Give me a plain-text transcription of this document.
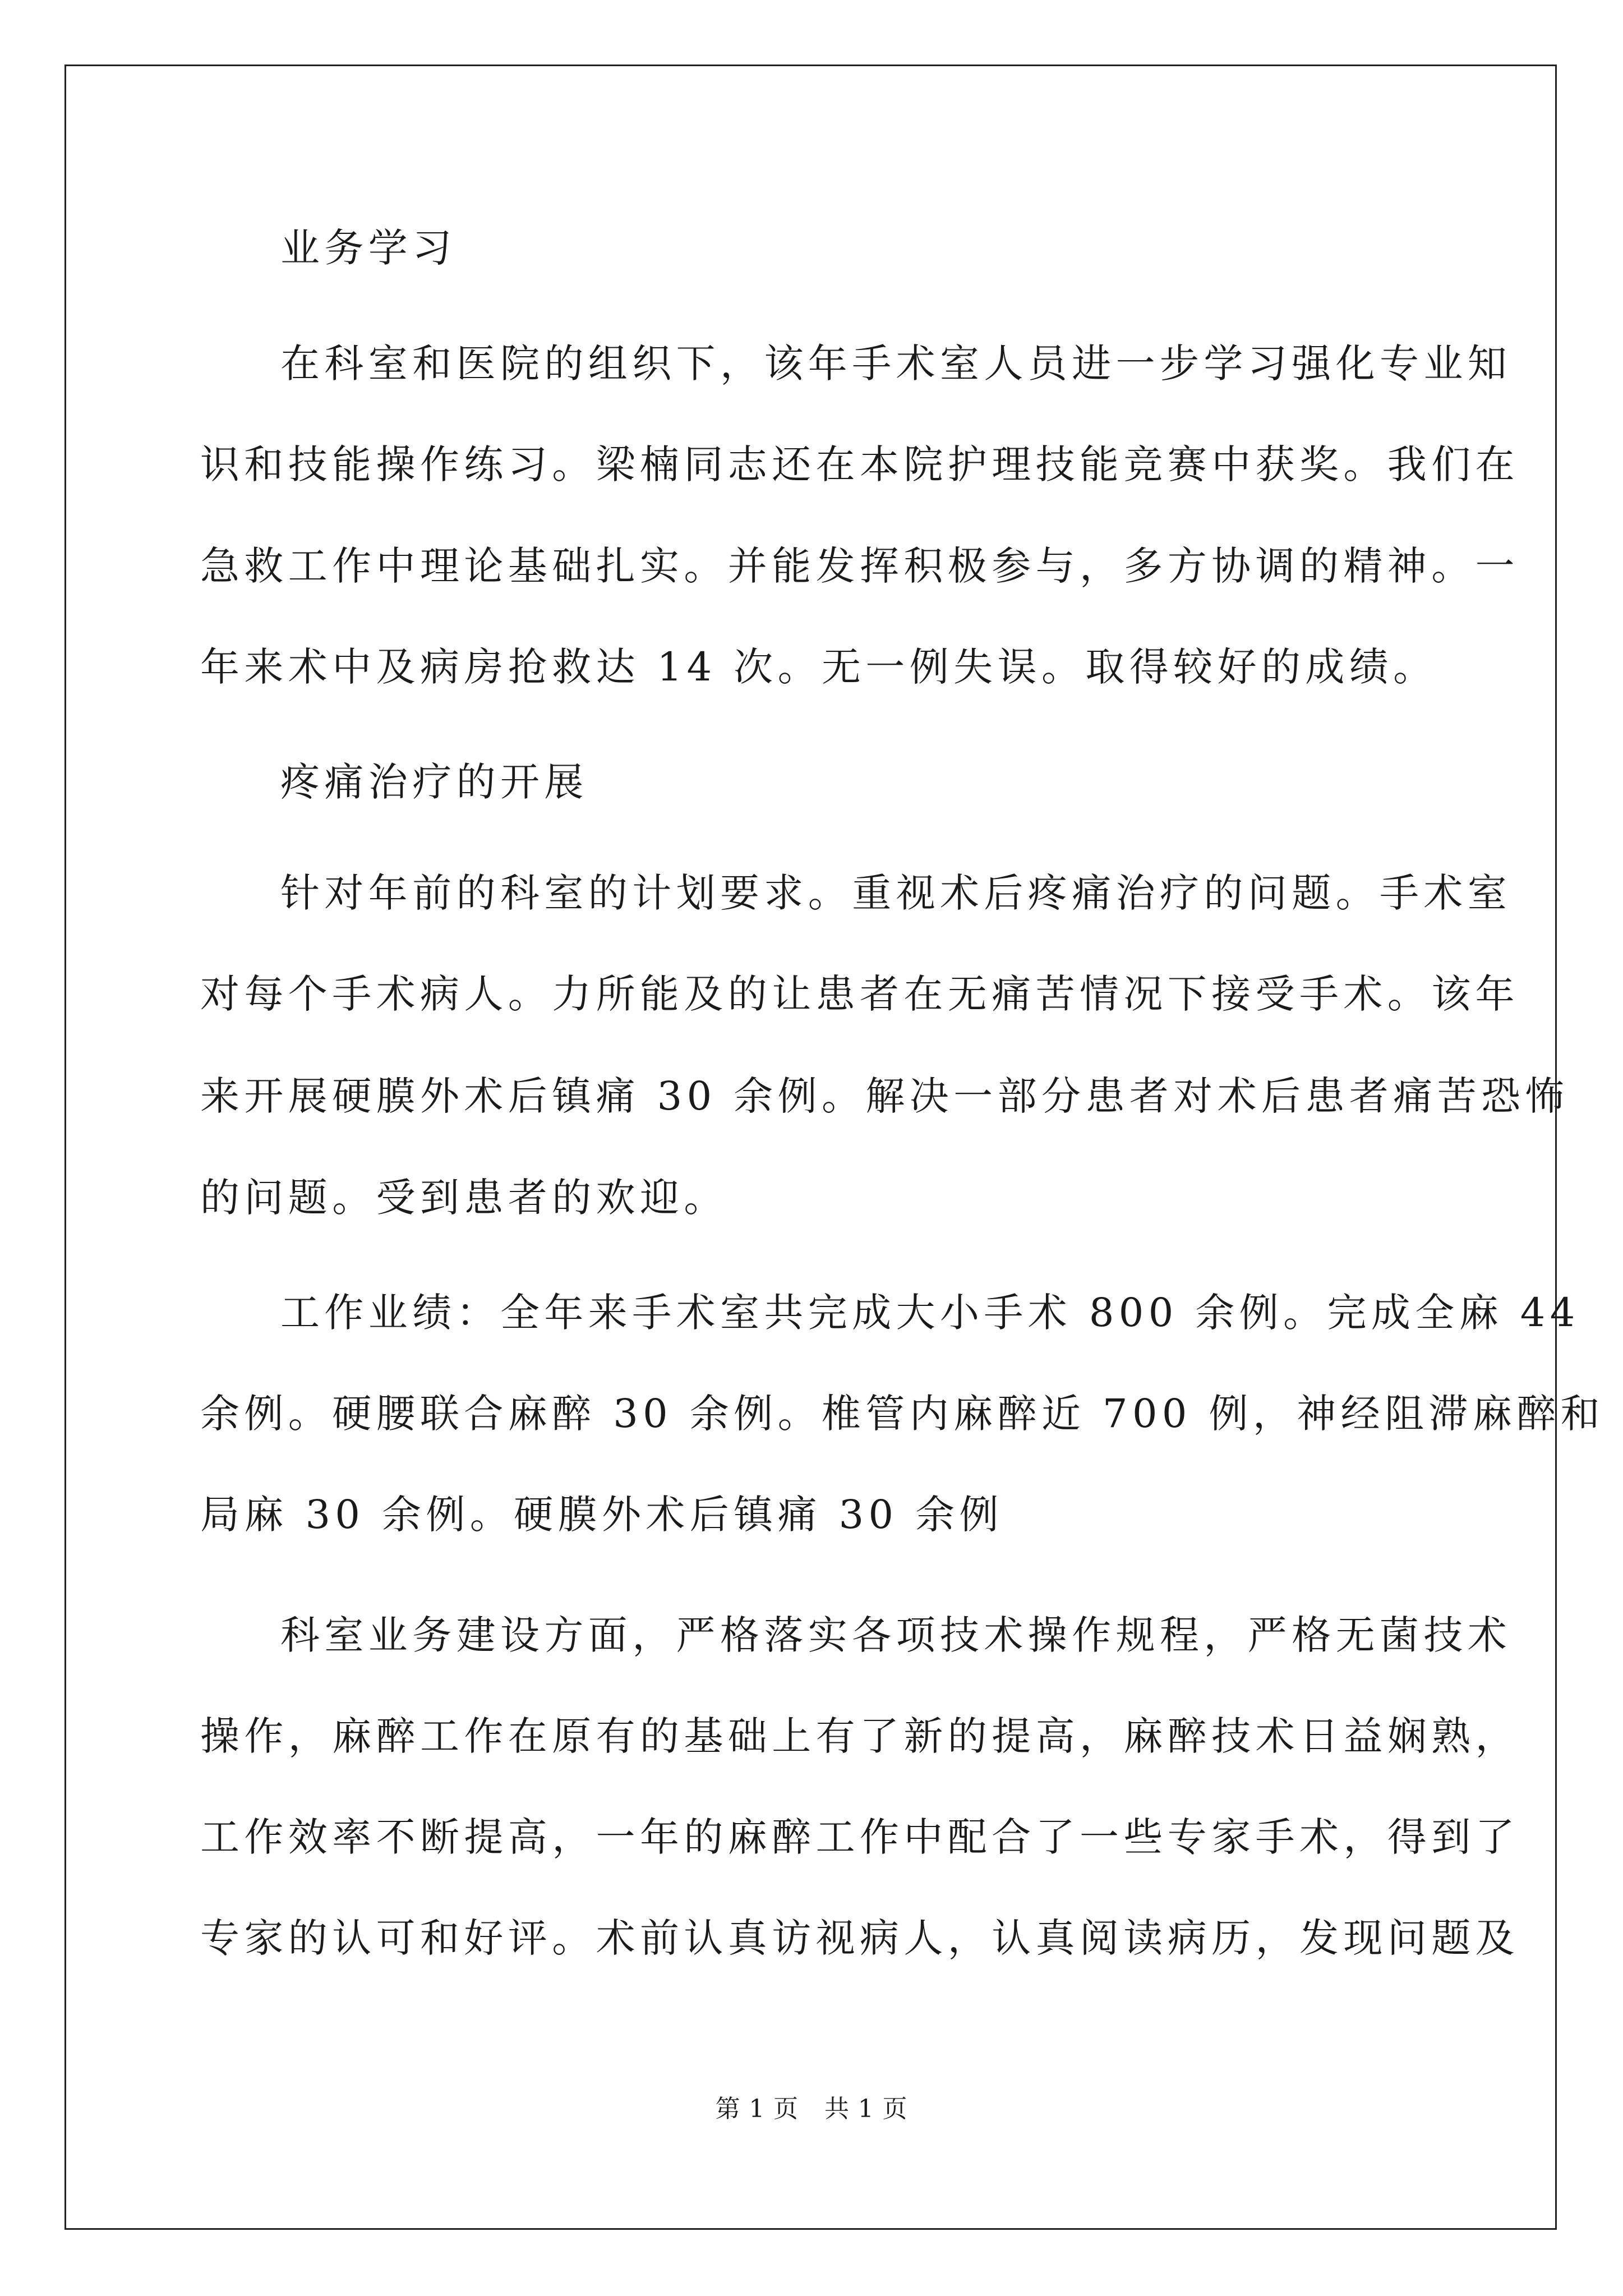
业务学习
在科室和医院的组织下，该年手术室人员进一步学习强化专业知
识和技能操作练习。梁楠同志还在本院护理技能竞赛中获奖。我们在
急救工作中理论基础扎实。并能发挥积极参与，多方协调的精神。一
年来术中及病房抢救达 14 次。无一例失误。取得较好的成绩。
疼痛治疗的开展
针对年前的科室的计划要求。重视术后疼痛治疗的问题。手术室
对每个手术病人。力所能及的让患者在无痛苦情况下接受手术。该年
来开展硬膜外术后镇痛 30 余例。解决一部分患者对术后患者痛苦恐怖
的问题。受到患者的欢迎。
工作业绩：全年来手术室共完成大小手术 800 余例。完成全麻 44
余例。硬腰联合麻醉 30 余例。椎管内麻醉近 700 例，神经阻滞麻醉和
局麻 30 余例。硬膜外术后镇痛 30 余例
科室业务建设方面，严格落实各项技术操作规程，严格无菌技术
操作，麻醉工作在原有的基础上有了新的提高，麻醉技术日益娴熟，
工作效率不断提高，一年的麻醉工作中配合了一些专家手术，得到了
专家的认可和好评。术前认真访视病人，认真阅读病历，发现问题及
第 1 页 共 1 页
